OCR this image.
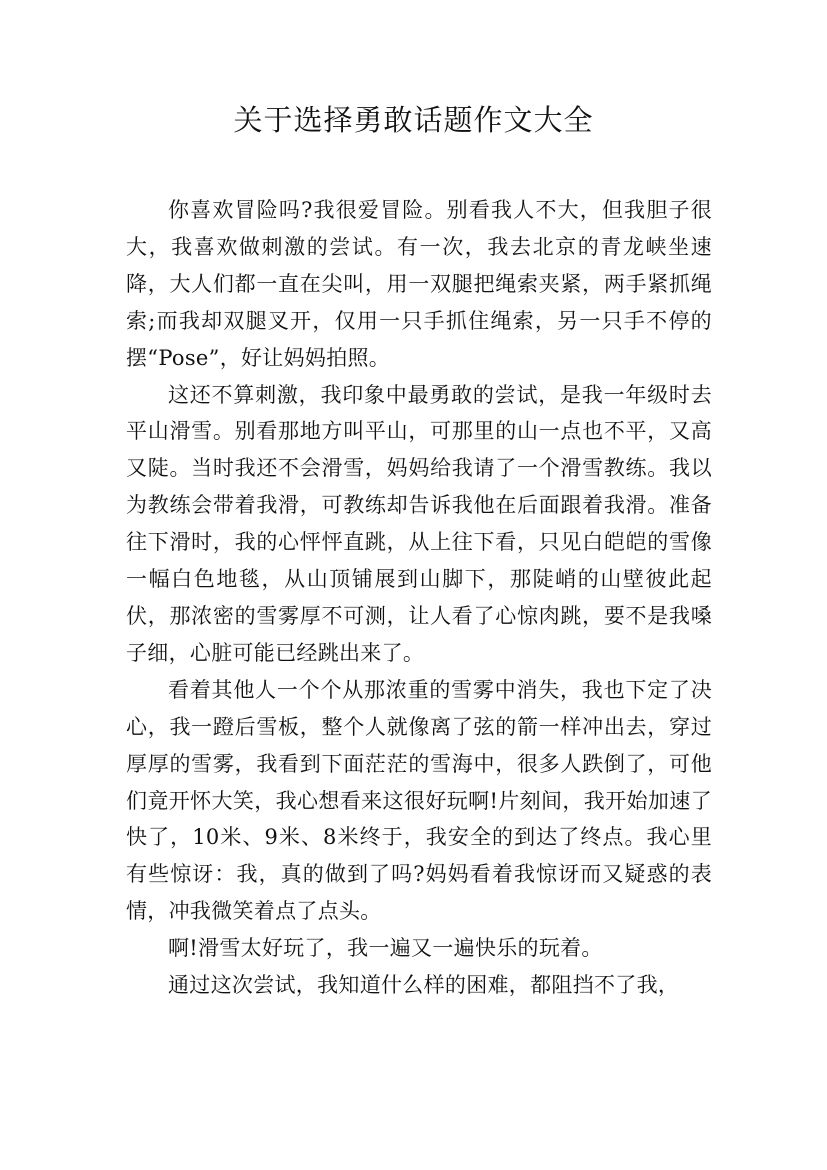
关于选择勇敢话题作文大全

你喜欢冒险吗?我很爱冒险。别看我人不大，但我胆子很大，我喜欢做刺激的尝试。有一次，我去北京的青龙峡坐速降，大人们都一直在尖叫，用一双腿把绳索夹紧，两手紧抓绳索;而我却双腿叉开，仅用一只手抓住绳索，另一只手不停的摆“Pose”，好让妈妈拍照。

这还不算刺激，我印象中最勇敢的尝试，是我一年级时去平山滑雪。别看那地方叫平山，可那里的山一点也不平，又高又陡。当时我还不会滑雪，妈妈给我请了一个滑雪教练。我以为教练会带着我滑，可教练却告诉我他在后面跟着我滑。准备往下滑时，我的心怦怦直跳，从上往下看，只见白皑皑的雪像一幅白色地毯，从山顶铺展到山脚下，那陡峭的山壁彼此起伏，那浓密的雪雾厚不可测，让人看了心惊肉跳，要不是我嗓子细，心脏可能已经跳出来了。

看着其他人一个个从那浓重的雪雾中消失，我也下定了决心，我一蹬后雪板，整个人就像离了弦的箭一样冲出去，穿过厚厚的雪雾，我看到下面茫茫的雪海中，很多人跌倒了，可他们竟开怀大笑，我心想看来这很好玩啊!片刻间，我开始加速了快了，10米、9米、8米终于，我安全的到达了终点。我心里有些惊讶：我，真的做到了吗?妈妈看着我惊讶而又疑惑的表情，冲我微笑着点了点头。

啊!滑雪太好玩了，我一遍又一遍快乐的玩着。

通过这次尝试，我知道什么样的困难，都阻挡不了我，
